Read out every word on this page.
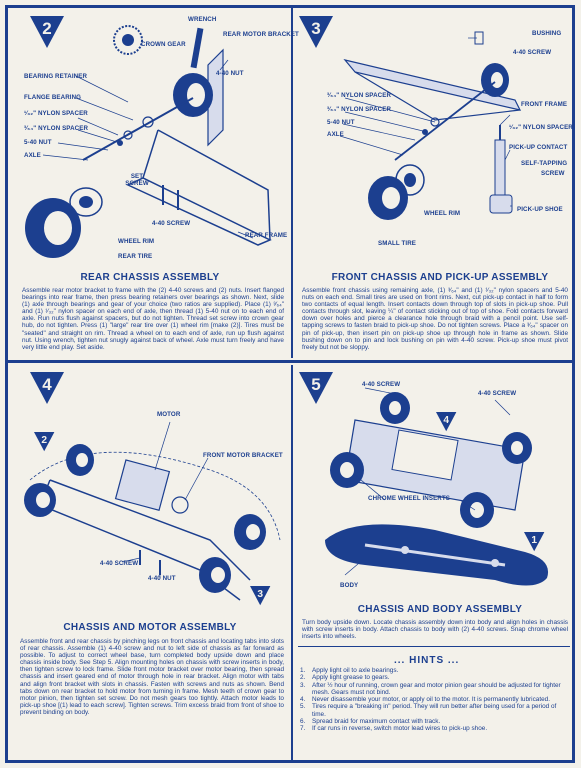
2	WRENCH
CROWN GEAR
REAR MOTOR BRACKET
4-40 NUT
BEARING RETAINER
FLANGE BEARING
¹⁄₃₂" NYLON SPACER
³⁄₆₄" NYLON SPACER
5-40 NUT
AXLE
SET SCREW
4-40 SCREW
WHEEL RIM
REAR FRAME
REAR TIRE
REAR CHASSIS ASSEMBLY
Assemble rear motor bracket to frame with the (2) 4-40 screws and (2) nuts. Insert flanged bearings into rear frame, then press bearing retainers over bearings as shown. Next, slide (1) axle through bearings and gear of your choice (two ratios are supplied). Place (1) ³⁄₆₄" and (1) ¹⁄₃₂" nylon spacer on each end of axle, then thread (1) 5-40 nut on to each end of axle. Run nuts flush against spacers, but do not tighten. Thread set screw into crown gear hub, do not tighten. Press (1) "large" rear tire over (1) wheel rim [make (2)]. Tires must be "seated" and straight on rim. Thread a wheel on to each end of axle, run up flush against nut. Using wrench, tighten nut snugly against back of wheel. Axle must turn freely and have very little end play. Set aside.
3	BUSHING
4-40 SCREW
³⁄₆₄" NYLON SPACER
³⁄₆₄" NYLON SPACER
5-40 NUT
AXLE
FRONT FRAME
¹⁄₃₂" NYLON SPACER
PICK-UP CONTACT
SELF-TAPPING
SCREW
WHEEL RIM
PICK-UP SHOE
SMALL TIRE
FRONT CHASSIS AND PICK-UP ASSEMBLY
Assemble front chassis using remaining axle, (1) ³⁄₆₄" and (1) ¹⁄₃₂" nylon spacers and 5-40 nuts on each end. Small tires are used on front rims. Next, cut pick-up contact in half to form two contacts of equal length. Insert contacts down through top of slots in pick-up shoe. Pull contacts through slot, leaving ¼" of contact sticking out of top of shoe. Fold contacts forward down over holes and pierce a clearance hole through braid with a pencil point. Use self-tapping screws to fasten braid to pick-up shoe. Do not tighten screws. Place a ³⁄₆₄" spacer on pin of pick-up, then insert pin on pick-up shoe up through hole in frame as shown. Slide bushing down on to pin and lock bushing on pin with 4-40 screw. Pick-up shoe must pivot freely but not be sloppy.
4
2
3
MOTOR
FRONT MOTOR BRACKET
4-40 SCREW
4-40 NUT
CHASSIS AND MOTOR ASSEMBLY
Assemble front and rear chassis by pinching legs on front chassis and locating tabs into slots of rear chassis. Assemble (1) 4-40 screw and nut to left side of chassis as far forward as possible. To adjust to correct wheel base, turn completed body upside down and place chassis inside body. See Step 5. Align mounting holes on chassis with screw inserts in body, then tighten screw to lock frame. Slide front motor bracket over motor bearing, then spread chassis and insert geared end of motor through hole in rear bracket. Align motor with tabs and align front bracket with slots in chassis. Fasten with screws and nuts as shown. Bend tabs down on rear bracket to hold motor from turning in frame. Mesh teeth of crown gear to motor pinion, then tighten set screw. Do not mesh gears too tightly. Attach motor leads to pick-up shoe [(1) lead to each screw]. Tighten screws. Trim excess braid from front of shoe to prevent binding on body.
5
4
1
4-40 SCREW
4-40 SCREW
CHROME WHEEL INSERTS
BODY
CHASSIS AND BODY ASSEMBLY
Turn body upside down. Locate chassis assembly down into body and align holes in chassis with screw inserts in body. Attach chassis to body with (2) 4-40 screws. Snap chrome wheel inserts into wheels.
... HINTS ...
1. Apply light oil to axle bearings.
2. Apply light grease to gears.
3. After ½ hour of running, crown gear and motor pinion gear should be adjusted for tighter mesh. Gears must not bind.
4. Never disassemble your motor, or apply oil to the motor. It is permanently lubricated.
5. Tires require a "breaking in" period. They will run better after being used for a period of time.
6. Spread braid for maximum contact with track.
7. If car runs in reverse, switch motor lead wires to pick-up shoe.
